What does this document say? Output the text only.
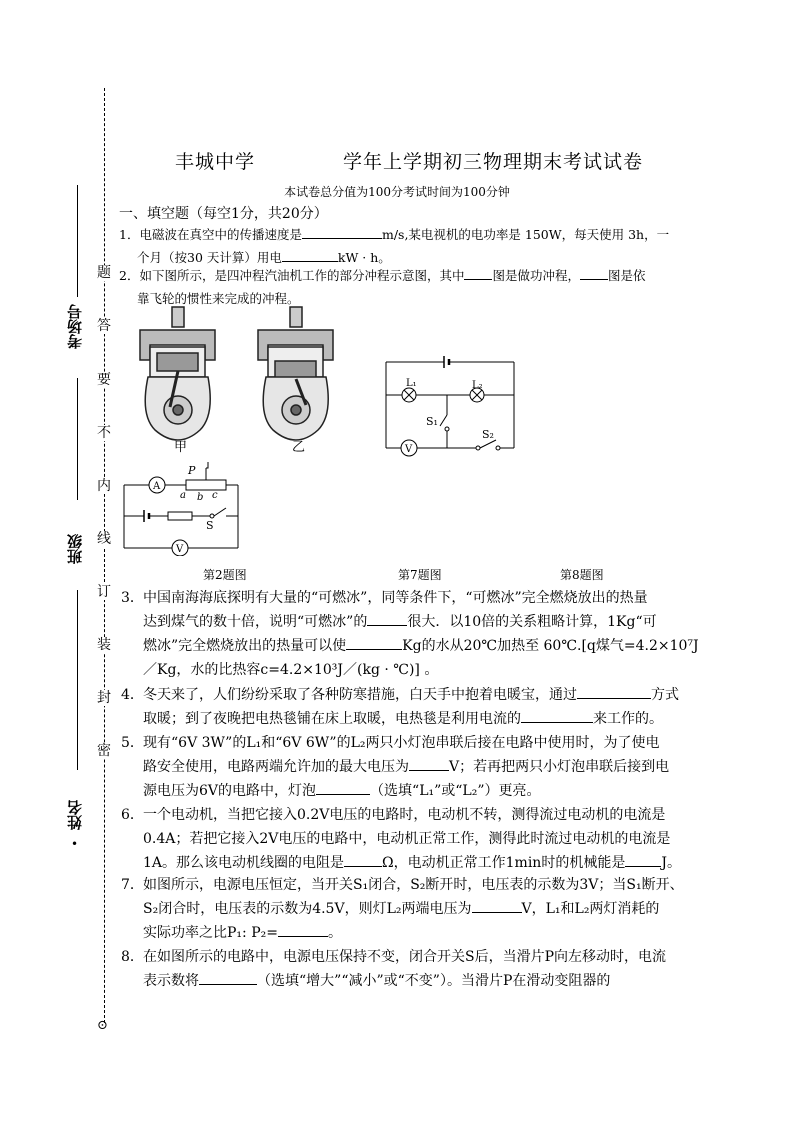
题
答
要
不
内
线
订
装
封
密
⊙
考场号
班级
姓名
•
丰城中学	学年上学期初三物理期末考试试卷
本试卷总分值为100分考试时间为100分钟
一、填空题（每空1分，共20分）
1．电磁波在真空中的传播速度是	m/s,某电视机的电功率是 150W，每天使用 3h，一
个月（按30 天计算）用电	kW · h。
2．如下图所示，是四冲程汽油机工作的部分冲程示意图，其中 图是做功冲程， 图是依
靠飞轮的惯性来完成的冲程。
甲	乙
L₁	L₂
S₁
S₂
V
A
P
a b c
S
V
第2题图	第7题图	第8题图
3．中国南海海底探明有大量的“可燃冰”，同等条件下，“可燃冰”完全燃烧放出的热量
达到煤气的数十倍，说明“可燃冰”的	很大．以10倍的关系粗略计算，1Kg“可
燃冰”完全燃烧放出的热量可以使	Kg的水从20℃加热至 60℃.[q煤气=4.2×10⁷J
／Kg，水的比热容c=4.2×10³J／(kg · ℃)] 。
4．冬天来了，人们纷纷采取了各种防寒措施，白天手中抱着电暖宝，通过	方式
取暖；到了夜晚把电热毯铺在床上取暖，电热毯是利用电流的	来工作的。
5．现有“6V 3W”的L₁和“6V 6W”的L₂两只小灯泡串联后接在电路中使用时，为了使电
路安全使用，电路两端允许加的最大电压为	V；若再把两只小灯泡串联后接到电
源电压为6V的电路中，灯泡	（选填“L₁”或“L₂”）更亮。
6．一个电动机，当把它接入0.2V电压的电路时，电动机不转，测得流过电动机的电流是
0.4A；若把它接入2V电压的电路中，电动机正常工作，测得此时流过电动机的电流是
1A。那么该电动机线圈的电阻是	Ω，电动机正常工作1min时的机械能是	J。
7．如图所示，电源电压恒定，当开关S₁闭合，S₂断开时，电压表的示数为3V；当S₁断开、
S₂闭合时，电压表的示数为4.5V，则灯L₂两端电压为	V，L₁和L₂两灯消耗的
实际功率之比P₁: P₂=	。
8．在如图所示的电路中，电源电压保持不变，闭合开关S后，当滑片P向左移动时，电流
表示数将	（选填“增大”“减小”或“不变”）。当滑片P在滑动变阻器的
